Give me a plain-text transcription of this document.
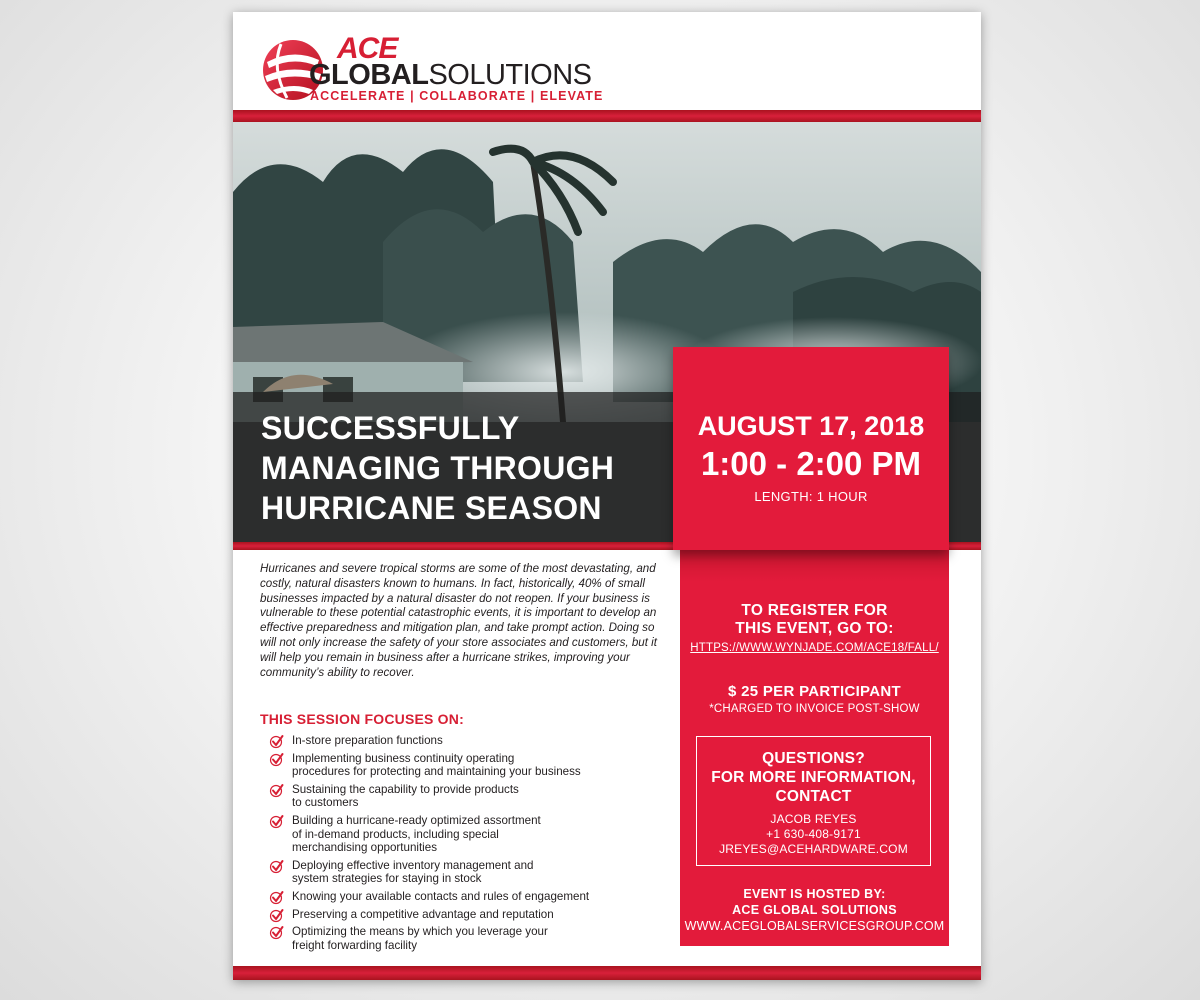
ACE
GLOBALSOLUTIONS
ACCELERATE | COLLABORATE | ELEVATE
SUCCESSFULLY
MANAGING THROUGH
HURRICANE SEASON
AUGUST 17, 2018
1:00 - 2:00 PM
LENGTH: 1 HOUR
TO REGISTER FOR
THIS EVENT, GO TO:
HTTPS://WWW.WYNJADE.COM/ACE18/FALL/
$ 25 PER PARTICIPANT
*CHARGED TO INVOICE POST-SHOW
QUESTIONS?
FOR MORE INFORMATION,
CONTACT
JACOB REYES
+1 630-408-9171
JREYES@ACEHARDWARE.COM
EVENT IS HOSTED BY:
ACE GLOBAL SOLUTIONS
WWW.ACEGLOBALSERVICESGROUP.COM
Hurricanes and severe tropical storms are some of the most devastating, and costly, natural disasters known to humans. In fact, historically, 40% of small businesses impacted by a natural disaster do not reopen. If your business is vulnerable to these potential catastrophic events, it is important to develop an effective preparedness and mitigation plan, and take prompt action. Doing so will not only increase the safety of your store associates and customers, but it will help you remain in business after a hurricane strikes, improving your community’s ability to recover.
THIS SESSION FOCUSES ON:
In-store preparation functions
Implementing business continuity operating
procedures for protecting and maintaining your business
Sustaining the capability to provide products
to customers
Building a hurricane-ready optimized assortment
of in-demand products, including special
merchandising opportunities
Deploying effective inventory management and
system strategies for staying in stock
Knowing your available contacts and rules of engagement
Preserving a competitive advantage and reputation
Optimizing the means by which you leverage your
freight forwarding facility
